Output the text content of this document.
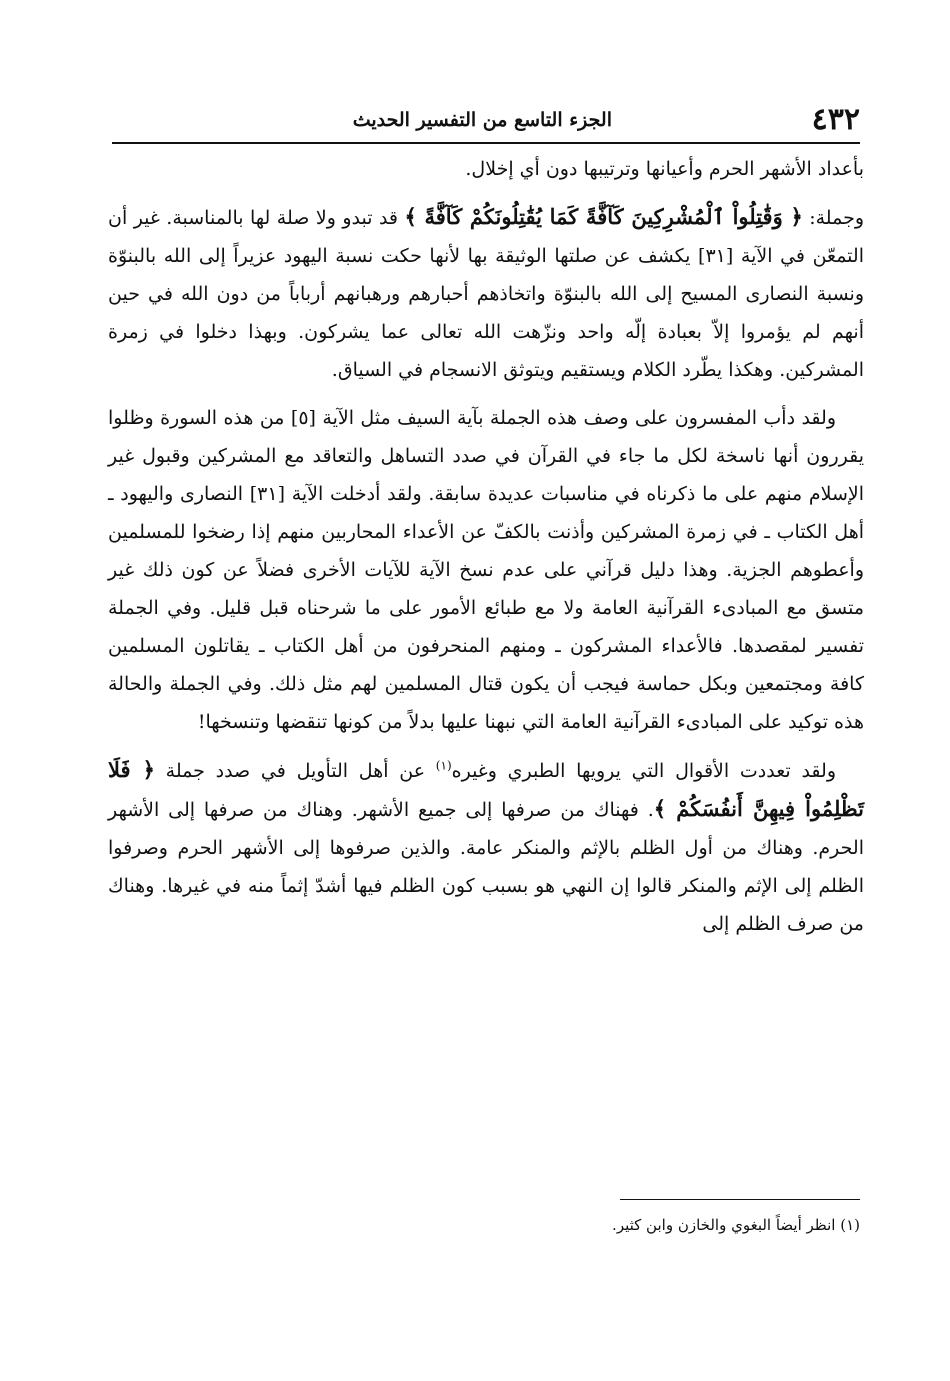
٤٣٢
الجزء التاسع من التفسير الحديث

بأعداد الأشهر الحرم وأعيانها وترتيبها دون أي إخلال.

وجملة: ﴿ وَقَٰتِلُواْ ٱلْمُشْرِكِينَ كَآفَّةً كَمَا يُقَٰتِلُونَكُمْ كَآفَّةً ﴾ قد تبدو ولا صلة لها بالمناسبة. غير أن التمعّن في الآية [٣١] يكشف عن صلتها الوثيقة بها لأنها حكت نسبة اليهود عزيراً إلى الله بالبنوّة ونسبة النصارى المسيح إلى الله بالبنوّة واتخاذهم أحبارهم ورهبانهم أرباباً من دون الله في حين أنهم لم يؤمروا إلاّ بعبادة إلّه واحد ونزّهت الله تعالى عما يشركون. وبهذا دخلوا في زمرة المشركين. وهكذا يطّرد الكلام ويستقيم ويتوثق الانسجام في السياق.

ولقد دأب المفسرون على وصف هذه الجملة بآية السيف مثل الآية [٥] من هذه السورة وظلوا يقررون أنها ناسخة لكل ما جاء في القرآن في صدد التساهل والتعاقد مع المشركين وقبول غير الإسلام منهم على ما ذكرناه في مناسبات عديدة سابقة. ولقد أدخلت الآية [٣١] النصارى واليهود ـ أهل الكتاب ـ في زمرة المشركين وأذنت بالكفّ عن الأعداء المحاربين منهم إذا رضخوا للمسلمين وأعطوهم الجزية. وهذا دليل قرآني على عدم نسخ الآية للآيات الأخرى فضلاً عن كون ذلك غير متسق مع المبادىء القرآنية العامة ولا مع طبائع الأمور على ما شرحناه قبل قليل. وفي الجملة تفسير لمقصدها. فالأعداء المشركون ـ ومنهم المنحرفون من أهل الكتاب ـ يقاتلون المسلمين كافة ومجتمعين وبكل حماسة فيجب أن يكون قتال المسلمين لهم مثل ذلك. وفي الجملة والحالة هذه توكيد على المبادىء القرآنية العامة التي نبهنا عليها بدلاً من كونها تنقضها وتنسخها!

ولقد تعددت الأقوال التي يرويها الطبري وغيره$^{(١)}$ عن أهل التأويل في صدد جملة ﴿ فَلَا تَظْلِمُواْ فِيهِنَّ أَنفُسَكُمْ ﴾. فهناك من صرفها إلى جميع الأشهر. وهناك من صرفها إلى الأشهر الحرم. وهناك من أول الظلم بالإثم والمنكر عامة. والذين صرفوها إلى الأشهر الحرم وصرفوا الظلم إلى الإثم والمنكر قالوا إن النهي هو بسبب كون الظلم فيها أشدّ إثماً منه في غيرها. وهناك من صرف الظلم إلى

(١) انظر أيضاً البغوي والخازن وابن كثير.
